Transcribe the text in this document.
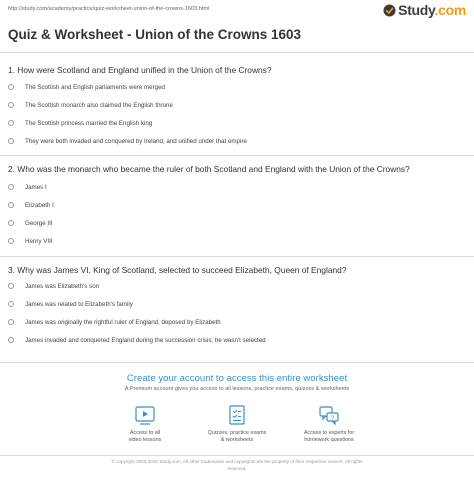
http://study.com/academy/practice/quiz-worksheet-union-of-the-crowns-1603.html	Study.com
Quiz & Worksheet - Union of the Crowns 1603
1. How were Scotland and England unified in the Union of the Crowns?
The Scottish and English parliaments were merged
The Scottish monarch also claimed the English throne
The Scottish princess married the English king
They were both invaded and conquered by Ireland, and unified under that empire
2. Who was the monarch who became the ruler of both Scotland and England with the Union of the Crowns?
James I
Elizabeth I
George III
Henry VIII
3. Why was James VI, King of Scotland, selected to succeed Elizabeth, Queen of England?
James was Elizabeth's son
James was related to Elizabeth's family
James was originally the rightful ruler of England, deposed by Elizabeth
James invaded and conquered England during the succession crisis; he wasn't selected
Create your account to access this entire worksheet
A Premium account gives you access to all lessons, practice exams, quizzes & worksheets
Access to all
video lessons
Quizzes, practice exams
& worksheets
?
Access to experts for
homework questions
© copyright 2003-2020 Study.com. All other trademarks and copyrights are the property of their respective owners. All rights
reserved.
